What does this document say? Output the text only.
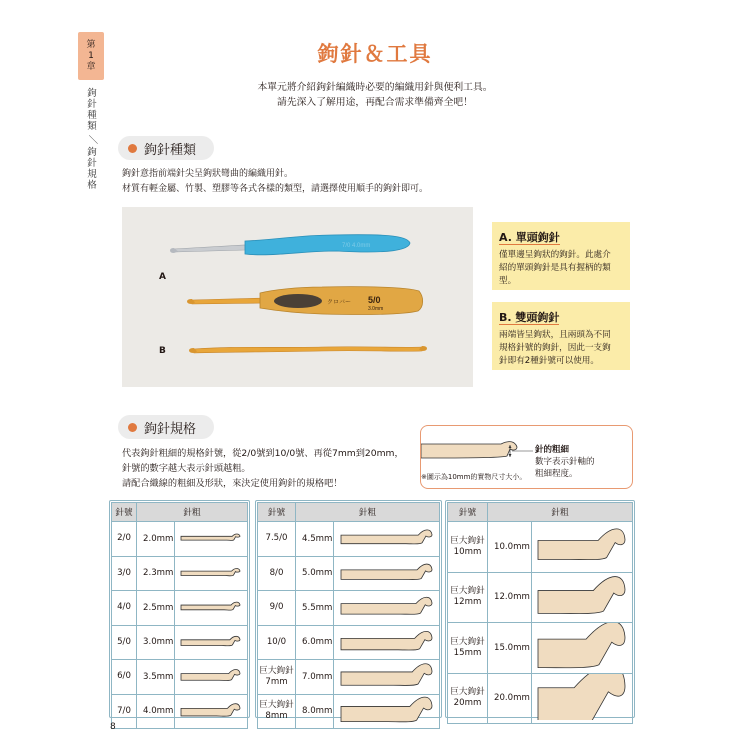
第
1
章
鉤
針
種
類
／
鉤
針
規
格
鉤針＆工具

本單元將介紹鉤針編織時必要的編織用針與便利工具。

請先深入了解用途，再配合需求準備齊全吧！

鉤針種類

鉤針意指前端針尖呈鉤狀彎曲的編織用針。

材質有輕金屬、竹製、塑膠等各式各樣的類型，請選擇使用順手的鉤針即可。

7/0 4.0mm
クロバー 5/0
3.0mm
A
B
A. 單頭鉤針
僅單邊呈鉤狀的鉤針。此處介
紹的單頭鉤針是具有握柄的類
型。
B. 雙頭鉤針
兩端皆呈鉤狀，且兩頭為不同
規格針號的鉤針，因此一支鉤
針即有2種針號可以使用。
鉤針規格

代表鉤針粗細的規格針號，從2/0號到10/0號、再從7mm到20mm，

針號的數字越大表示針頭越粗。

請配合織線的粗細及形狀，來決定使用鉤針的規格吧！

針的粗細
數字表示針軸的
粗細程度。
※圖示為10mm的實物尺寸大小。
針號	針粗	
2/0	2.0mm	
3/0	2.3mm	
4/0	2.5mm	
5/0	3.0mm	
6/0	3.5mm	
7/0	4.0mm	
針號	針粗	
7.5/0	4.5mm	
8/0	5.0mm	
9/0	5.5mm	
10/0	6.0mm	
巨大鉤針
7mm	7.0mm	
巨大鉤針
8mm	8.0mm	
針號	針粗	
巨大鉤針
10mm	10.0mm	
巨大鉤針
12mm	12.0mm	
巨大鉤針
15mm	15.0mm	
巨大鉤針
20mm	20.0mm	
8
